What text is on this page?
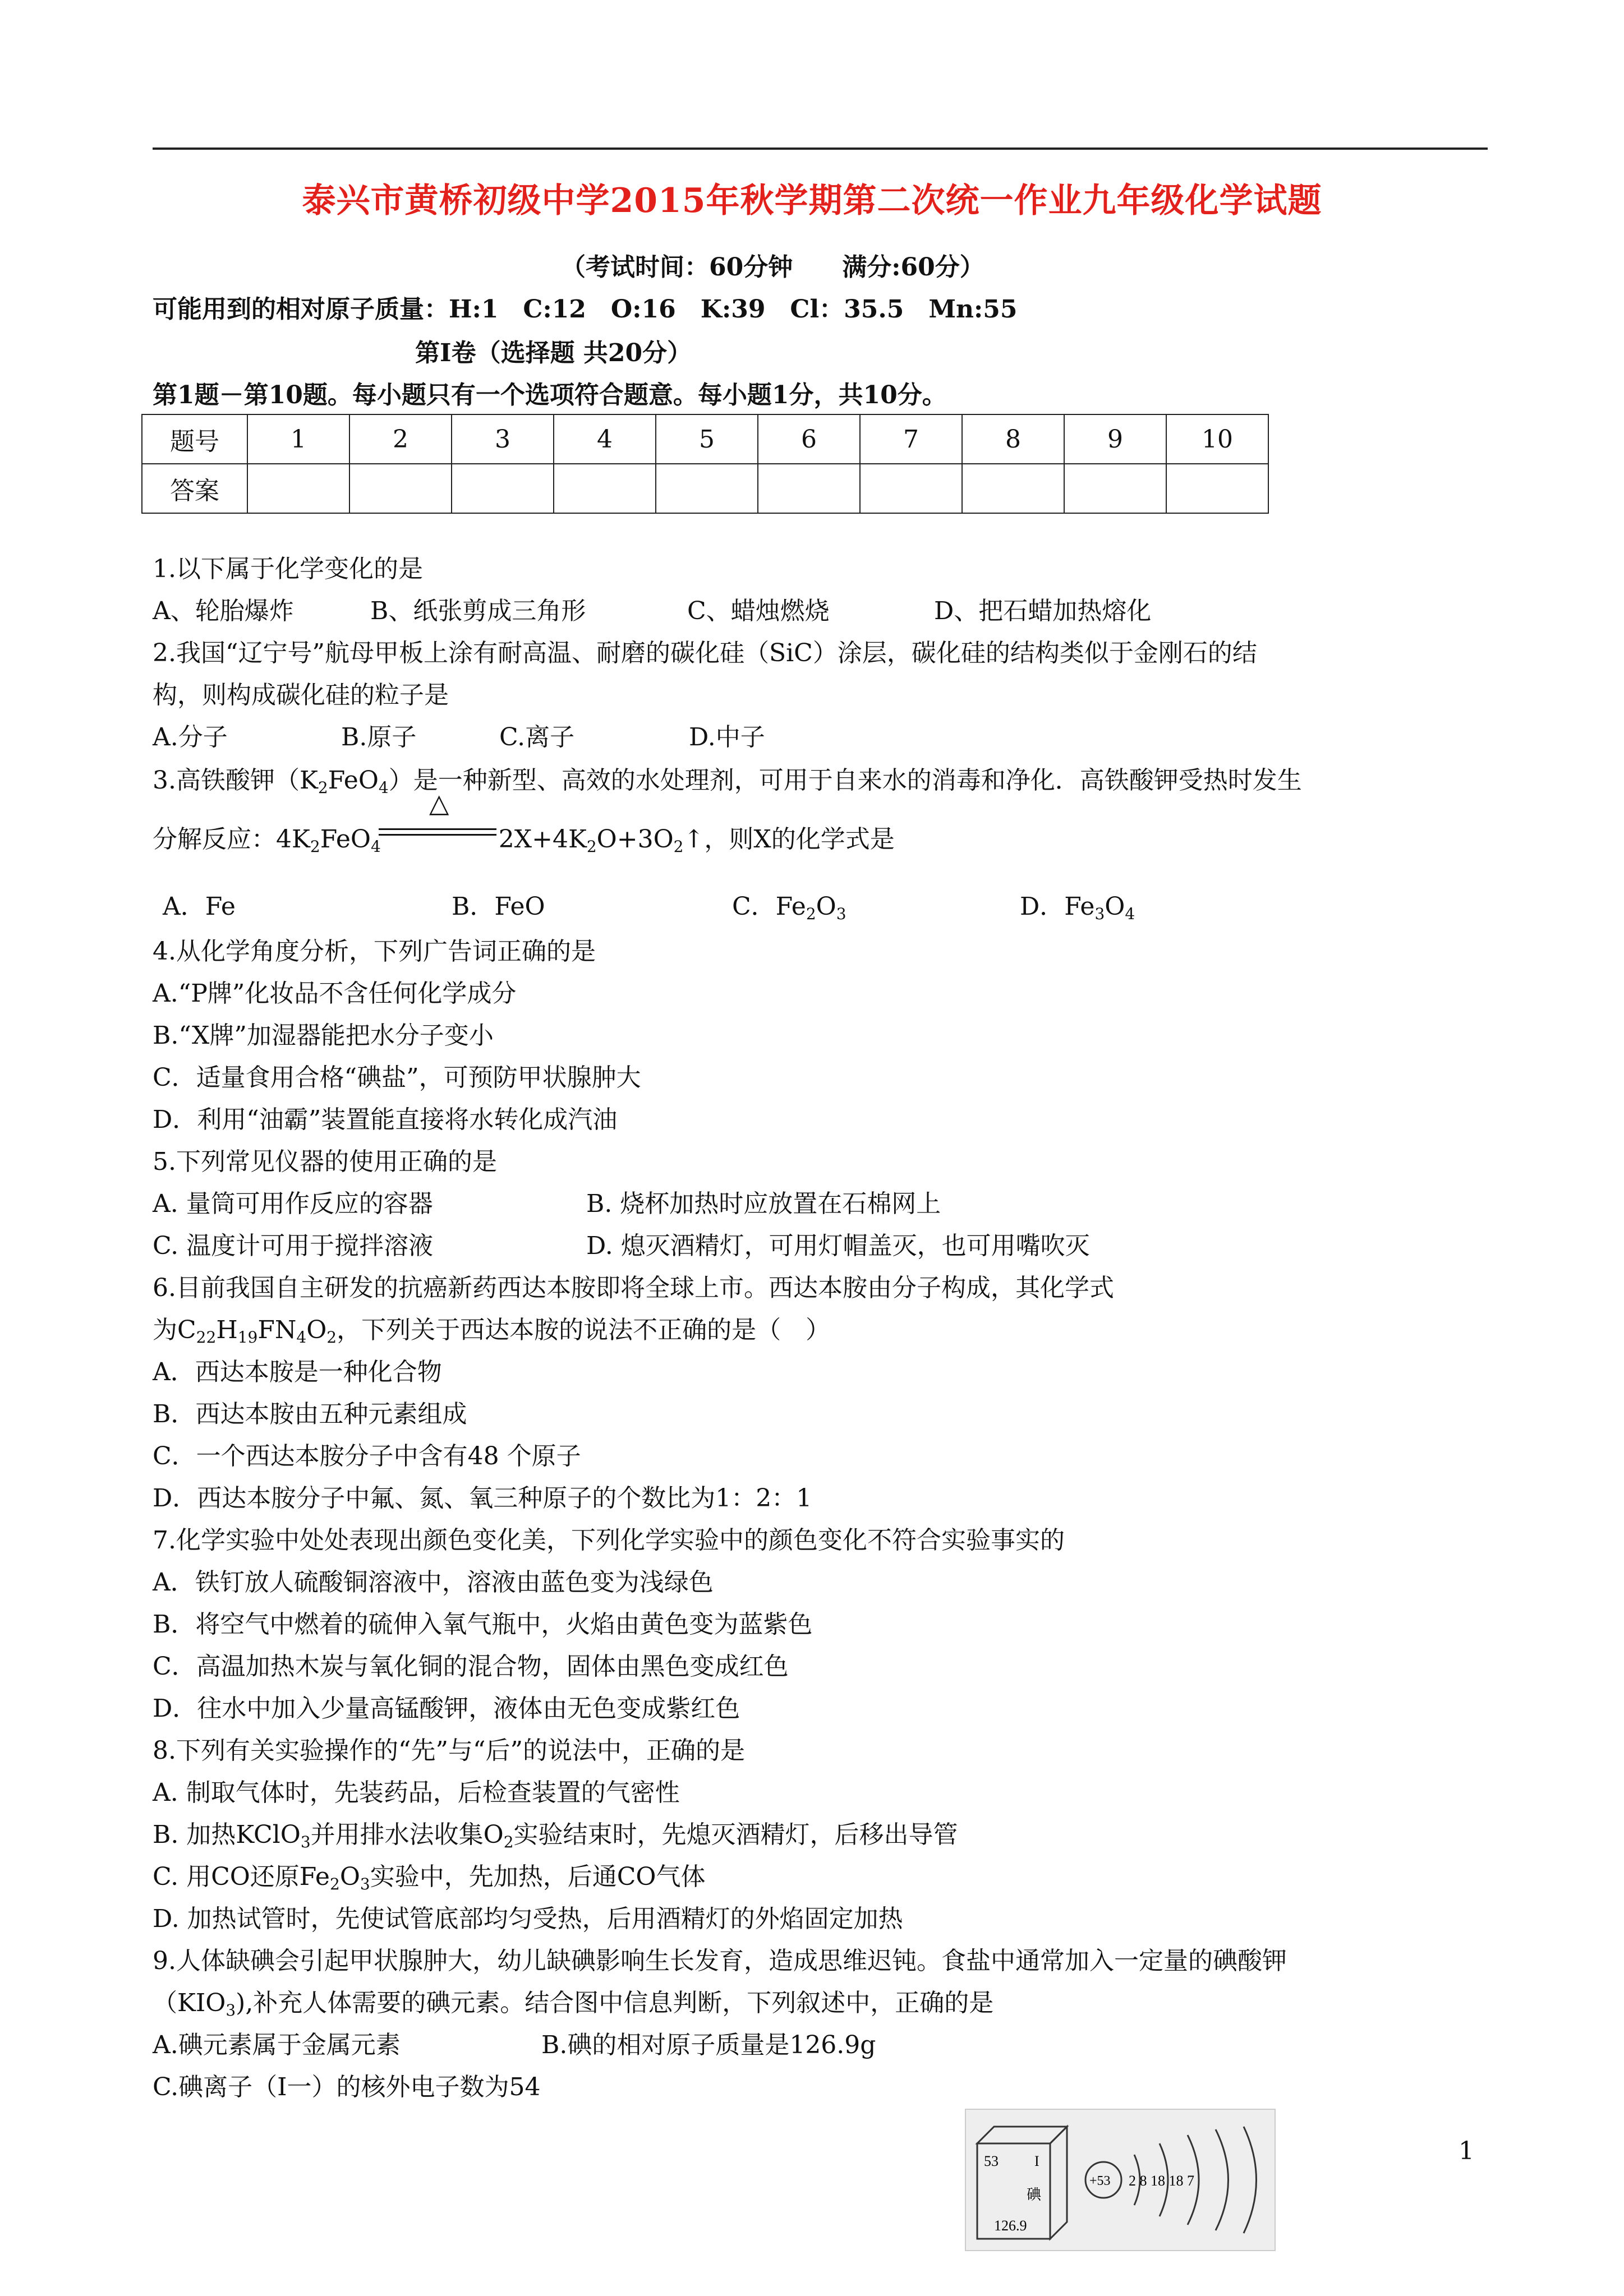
泰兴市黄桥初级中学2015年秋学期第二次统一作业九年级化学试题
（考试时间：60分钟　　满分:60分）
可能用到的相对原子质量：H:1　C:12　O:16　K:39　Cl：35.5　Mn:55
第Ⅰ卷（选择题 共20分）
第1题－第10题。每小题只有一个选项符合题意。每小题1分，共10分。
题号	1	2	3	4	5	6	7	8	9	10
答案										
1.以下属于化学变化的是
A、轮胎爆炸	B、纸张剪成三角形	C、蜡烛燃烧	D、把石蜡加热熔化
2.我国“辽宁号”航母甲板上涂有耐高温、耐磨的碳化硅（SiC）涂层，碳化硅的结构类似于金刚石的结
构，则构成碳化硅的粒子是
A.分子	B.原子	C.离子	D.中子
3.高铁酸钾$(K_2FeO_4)$是一种新型、高效的水处理剂，可用于自来水的消毒和净化．高铁酸钾受热时发生
分解反应：$4K_2FeO_4$	$2X+4K_2O+3O_2↑$，则X的化学式是
△
A．Fe	B．FeO	C．$Fe_2O_3$	D．$Fe_3O_4$
4.从化学角度分析，下列广告词正确的是
A.“P牌”化妆品不含任何化学成分
B.“X牌”加湿器能把水分子变小
C．适量食用合格“碘盐”，可预防甲状腺肿大
D．利用“油霸”装置能直接将水转化成汽油
5.下列常见仪器的使用正确的是
A. 量筒可用作反应的容器	B. 烧杯加热时应放置在石棉网上
C. 温度计可用于搅拌溶液	D. 熄灭酒精灯，可用灯帽盖灭，也可用嘴吹灭
6.目前我国自主研发的抗癌新药西达本胺即将全球上市。西达本胺由分子构成，其化学式
为$C_{22}H_{19}FN_4O_2$，下列关于西达本胺的说法不正确的是（　）
A．西达本胺是一种化合物
B．西达本胺由五种元素组成
C．一个西达本胺分子中含有48 个原子
D．西达本胺分子中氟、氮、氧三种原子的个数比为1：2：1
7.化学实验中处处表现出颜色变化美，下列化学实验中的颜色变化不符合实验事实的
A．铁钉放人硫酸铜溶液中，溶液由蓝色变为浅绿色
B．将空气中燃着的硫伸入氧气瓶中，火焰由黄色变为蓝紫色
C．高温加热木炭与氧化铜的混合物，固体由黑色变成红色
D．往水中加入少量高锰酸钾，液体由无色变成紫红色
8.下列有关实验操作的“先”与“后”的说法中，正确的是
A. 制取气体时，先装药品，后检查装置的气密性
B. 加热KClO$_3$并用排水法收集$O_2$实验结束时，先熄灭酒精灯，后移出导管
C. 用CO还原$Fe_2O_3$实验中，先加热，后通CO气体
D. 加热试管时，先使试管底部均匀受热，后用酒精灯的外焰固定加热
9.人体缺碘会引起甲状腺肿大，幼儿缺碘影响生长发育，造成思维迟钝。食盐中通常加入一定量的碘酸钾
$(KIO_3)$,补充人体需要的碘元素。结合图中信息判断，下列叙述中，正确的是
A.碘元素属于金属元素	B.碘的相对原子质量是126.9g
C.碘离子（I一）的核外电子数为54
53 I
碘
126.9
+53 2 8 18 18 7
1
